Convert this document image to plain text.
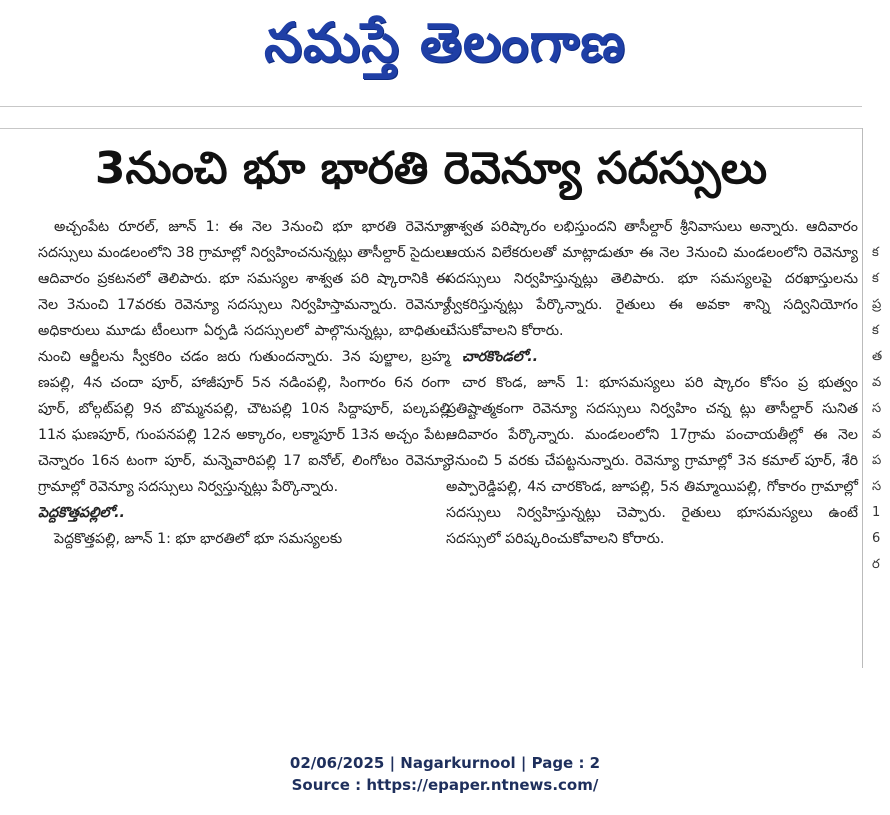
నమస్తే తెలంగాణ
3నుంచి భూ భారతి రెవెన్యూ సదస్సులు

అచ్చంపేట రూరల్, జూన్ 1: ఈ నెల 3నుంచి భూ భారతి రెవెన్యూ సదస్సులు మండలంలోని 38 గ్రామాల్లో నిర్వహించనున్నట్లు తాసీల్దార్ సైదులు ఆదివారం ప్రకటనలో తెలిపారు. భూ సమస్యల శాశ్వత పరి ష్కారానికి ఈ నెల 3నుంచి 17వరకు రెవెన్యూ సదస్సులు నిర్వహిస్తామన్నారు. రెవెన్యూ అధికారులు మూడు టీంలుగా ఏర్పడి సదస్సులలో పాల్గొనున్నట్లు, బాధితుల నుంచి ఆర్జీలను స్వీకరిం చడం జరు గుతుందన్నారు. 3న పుల్జాల, బ్రహ్మ ణపల్లి, 4న చందా పూర్, హాజీపూర్ 5న నడింపల్లి, సింగారం 6న రంగా పూర్, బోల్గట్‌పల్లి 9న బొమ్మనపల్లి, చౌటపల్లి 10న సిద్దాపూర్, పల్కపల్లి 11న ఘణపూర్, గుంపనపల్లి 12న అక్కారం, లక్మాపూర్ 13న అచ్చం పేట, చెన్నారం 16న టంగా పూర్, మన్నెవారిపల్లి 17 ఐనోల్, లింగోటం రెవెన్యూ గ్రామాల్లో రెవెన్యూ సదస్సులు నిర్వస్తున్నట్లు పేర్కొన్నారు.

పెద్దకొత్తపల్లిలో..

పెద్దకొత్తపల్లి, జూన్ 1: భూ భారతిలో భూ సమస్యలకు

శాశ్వత పరిష్కారం లభిస్తుందని తాసీల్దార్ శ్రీనివాసులు అన్నారు. ఆదివారం ఆయన విలేకరులతో మాట్లాడుతూ ఈ నెల 3నుంచి మండలంలోని రెవెన్యూ సదస్సులు నిర్వహిస్తున్నట్లు తెలిపారు. భూ సమస్యలపై దరఖాస్తులను స్వీకరిస్తున్నట్లు పేర్కొన్నారు. రైతులు ఈ అవకా శాన్ని సద్వినియోగం చేసుకోవాలని కోరారు.

చారకొండలో..

చార కొండ, జూన్ 1: భూసమస్యలు పరి ష్కారం కోసం ప్ర భుత్వం ప్రతిష్టాత్మకంగా రెవెన్యూ సదస్సులు నిర్వహిం చన్న ట్లు తాసీల్దార్ సునిత ఆదివారం పేర్కొన్నారు. మండలంలోని 17గ్రామ పంచాయతీల్లో ఈ నెల 3నుంచి 5 వరకు చేపట్టనున్నారు. రెవెన్యూ గ్రామాల్లో 3న కమాల్ పూర్, శేరి అప్పారెడ్డిపల్లి, 4న చారకొండ, జూపల్లి, 5న తిమ్మాయిపల్లి, గోకారం గ్రామాల్లో సదస్సులు నిర్వహిస్తున్నట్లు చెప్పారు. రైతులు భూసమస్యలు ఉంటే సదస్సులో పరిష్కరించుకోవాలని కోరారు.

క
క
ప్ర
క
త
వ
స
వ
ప
స
1
6
ర
02/06/2025 | Nagarkurnool | Page : 2
Source : https://epaper.ntnews.com/
